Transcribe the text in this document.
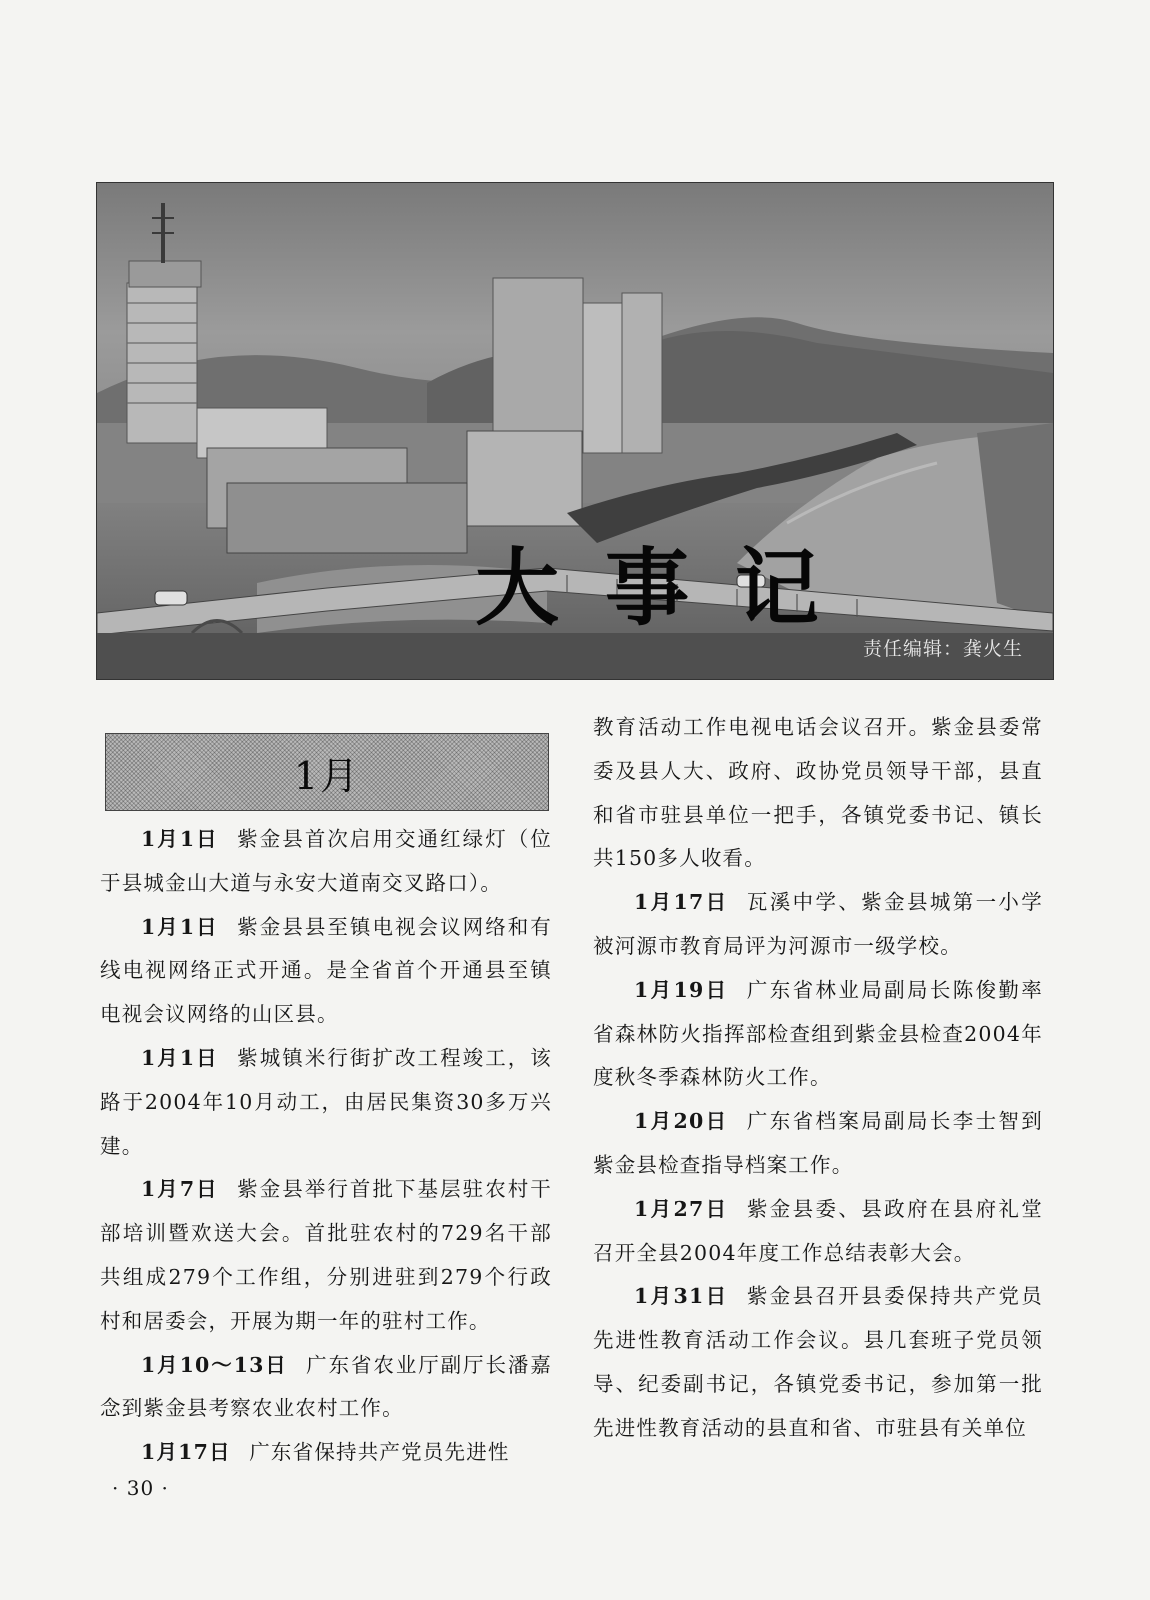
大事记
责任编辑：龚火生
1月

1月1日 紫金县首次启用交通红绿灯（位于县城金山大道与永安大道南交叉路口）。

1月1日 紫金县县至镇电视会议网络和有线电视网络正式开通。是全省首个开通县至镇电视会议网络的山区县。

1月1日 紫城镇米行街扩改工程竣工，该路于2004年10月动工，由居民集资30多万兴建。

1月7日 紫金县举行首批下基层驻农村干部培训暨欢送大会。首批驻农村的729名干部共组成279个工作组，分别进驻到279个行政村和居委会，开展为期一年的驻村工作。

1月10～13日 广东省农业厅副厅长潘嘉念到紫金县考察农业农村工作。

1月17日 广东省保持共产党员先进性

教育活动工作电视电话会议召开。紫金县委常委及县人大、政府、政协党员领导干部，县直和省市驻县单位一把手，各镇党委书记、镇长共150多人收看。

1月17日 瓦溪中学、紫金县城第一小学被河源市教育局评为河源市一级学校。

1月19日 广东省林业局副局长陈俊勤率省森林防火指挥部检查组到紫金县检查2004年度秋冬季森林防火工作。

1月20日 广东省档案局副局长李士智到紫金县检查指导档案工作。

1月27日 紫金县委、县政府在县府礼堂召开全县2004年度工作总结表彰大会。

1月31日 紫金县召开县委保持共产党员先进性教育活动工作会议。县几套班子党员领导、纪委副书记，各镇党委书记，参加第一批先进性教育活动的县直和省、市驻县有关单位

· 30 ·
